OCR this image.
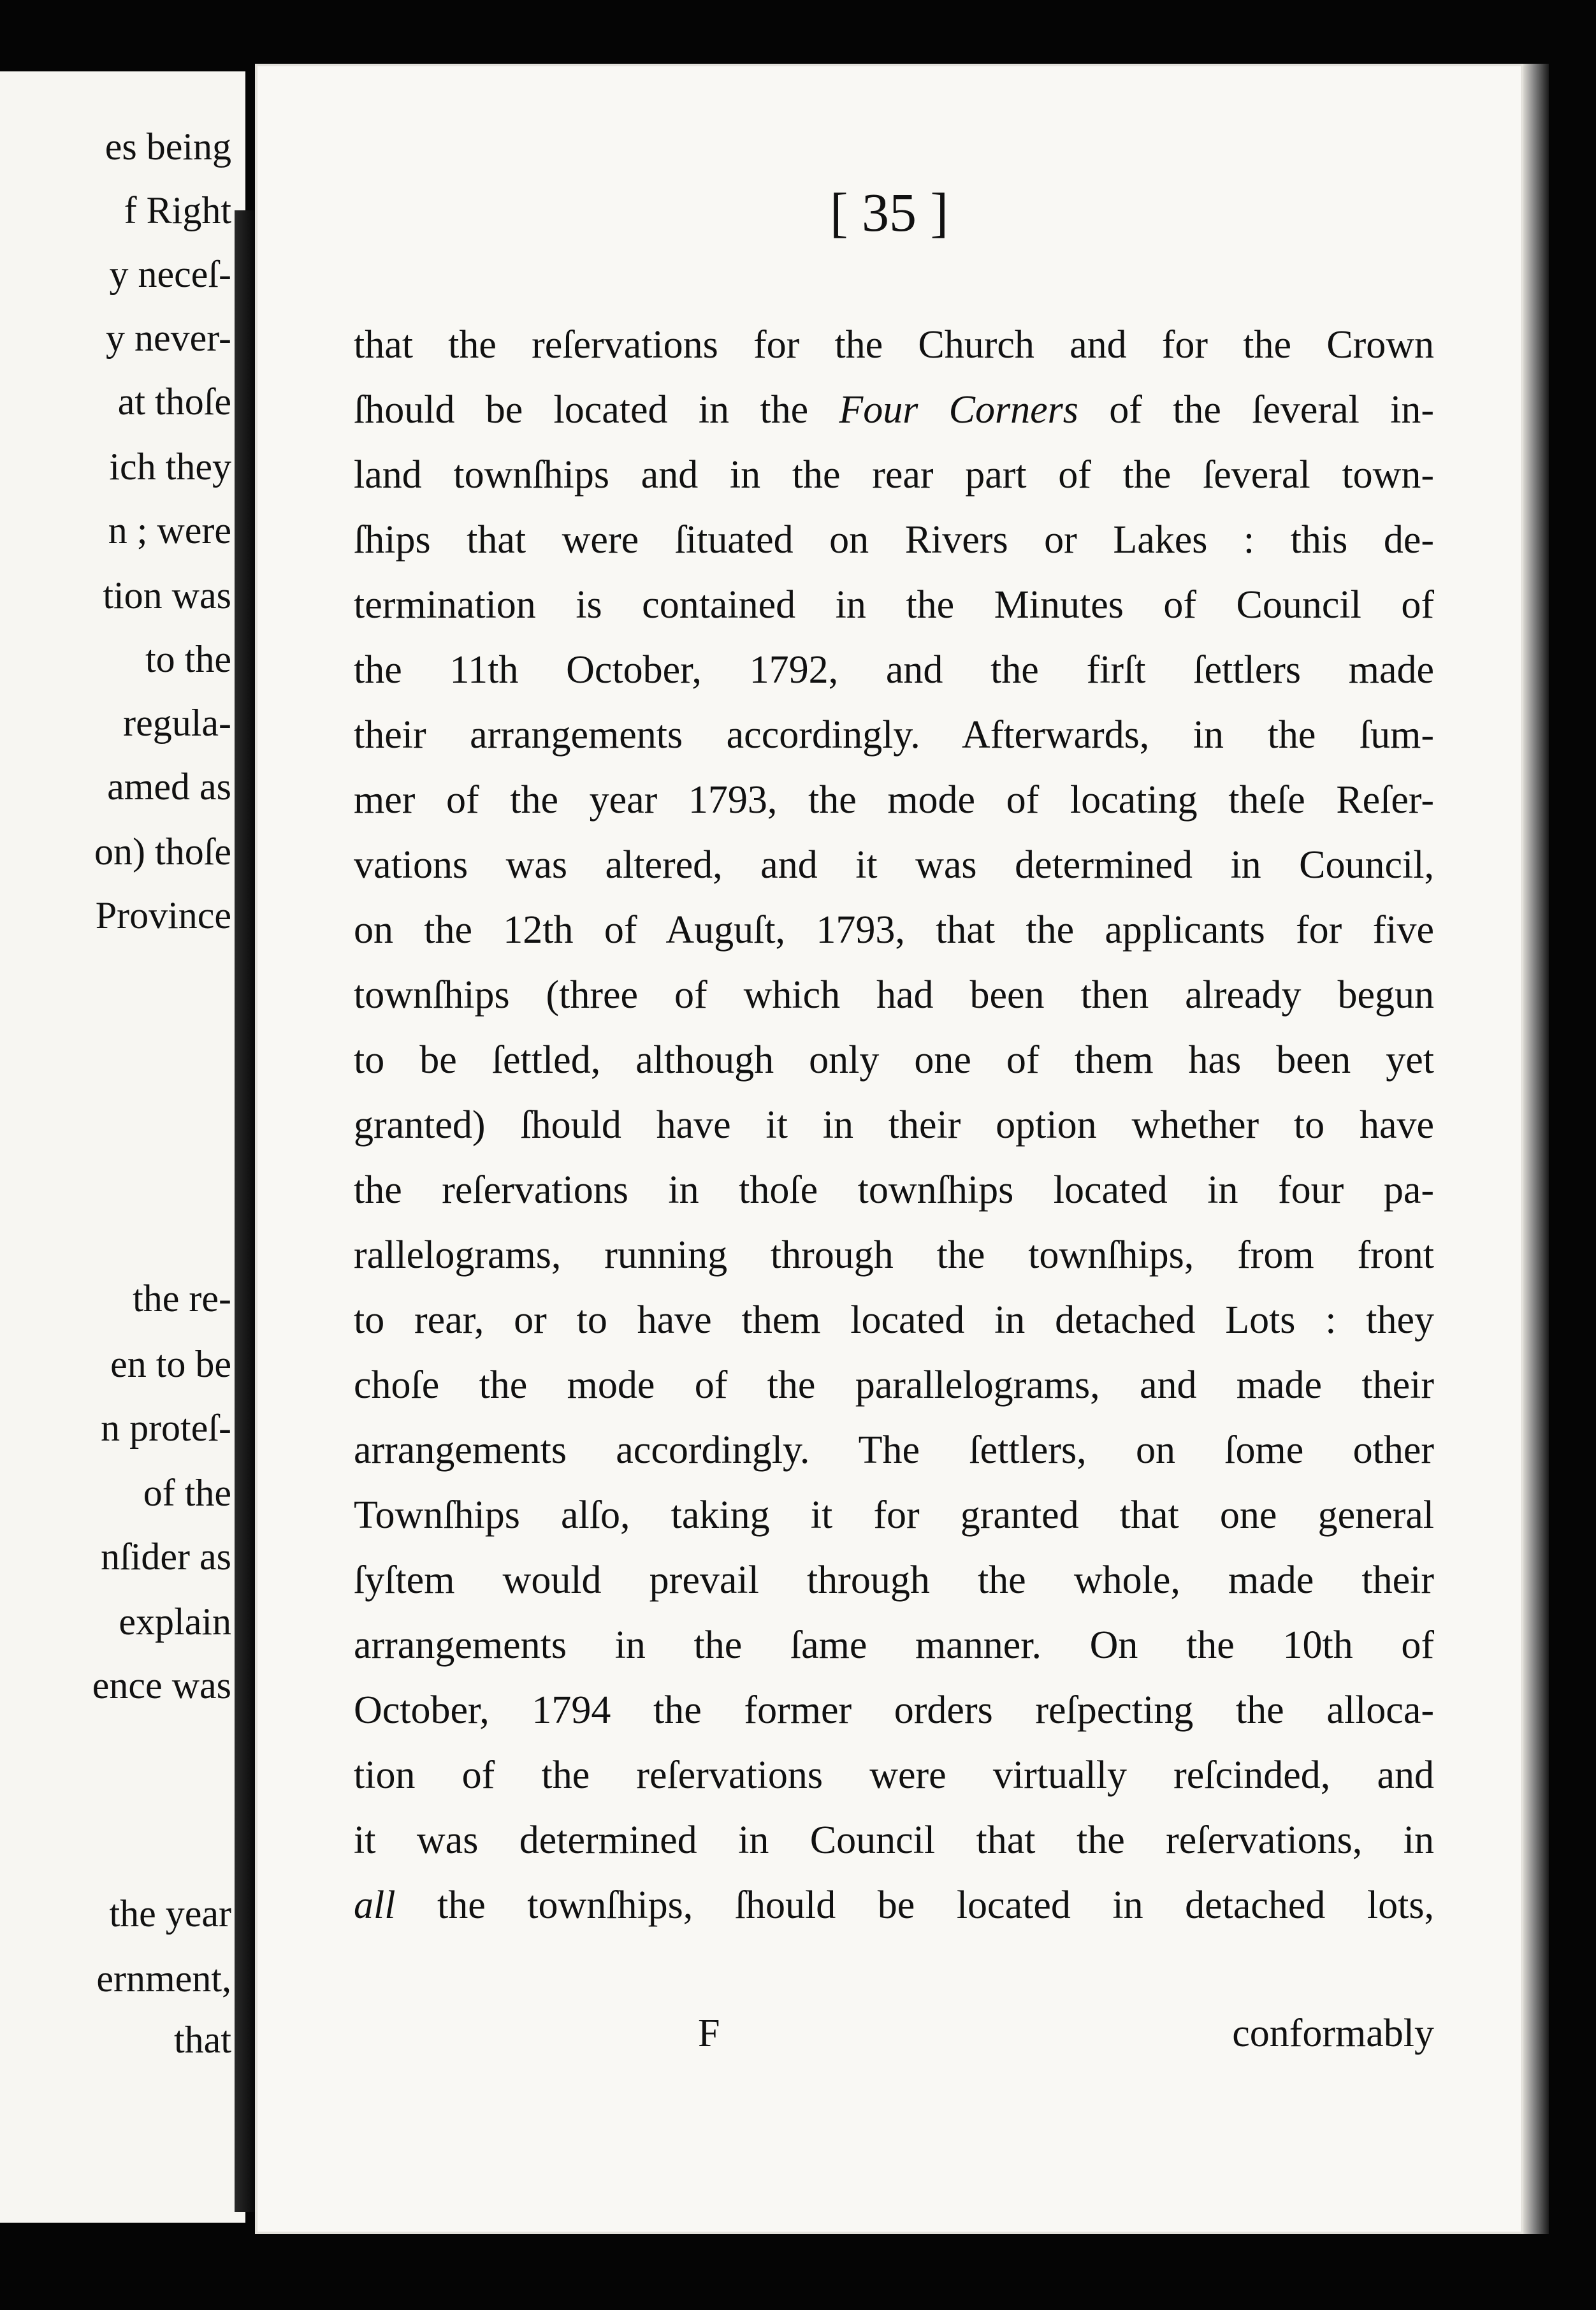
es being
f Right
y neceſ-
y never-
at thoſe
ich they
n ; were
tion was
to the
regula-
amed as
on) thoſe
Province
the re-
en to be
n proteſ-
of the
nſider as
explain
ence was
the year
ernment,
that
[ 35 ]
that the reſervations for the Church and for the Crown
ſhould be located in the Four Corners of the ſeveral in-
land townſhips and in the rear part of the ſeveral town-
ſhips that were ſituated on Rivers or Lakes : this de-
termination is contained in the Minutes of Council of
the 11th October, 1792, and the firſt ſettlers made
their arrangements accordingly. Afterwards, in the ſum-
mer of the year 1793, the mode of locating theſe Reſer-
vations was altered, and it was determined in Council,
on the 12th of Auguſt, 1793, that the applicants for five
townſhips (three of which had been then already begun
to be ſettled, although only one of them has been yet
granted) ſhould have it in their option whether to have
the reſervations in thoſe townſhips located in four pa-
rallelograms, running through the townſhips, from front
to rear, or to have them located in detached Lots : they
choſe the mode of the parallelograms, and made their
arrangements accordingly. The ſettlers, on ſome other
Townſhips alſo, taking it for granted that one general
ſyſtem would prevail through the whole, made their
arrangements in the ſame manner. On the 10th of
October, 1794 the former orders reſpecting the alloca-
tion of the reſervations were virtually reſcinded, and
it was determined in Council that the reſervations, in
all the townſhips, ſhould be located in detached lots,
F	conformably
